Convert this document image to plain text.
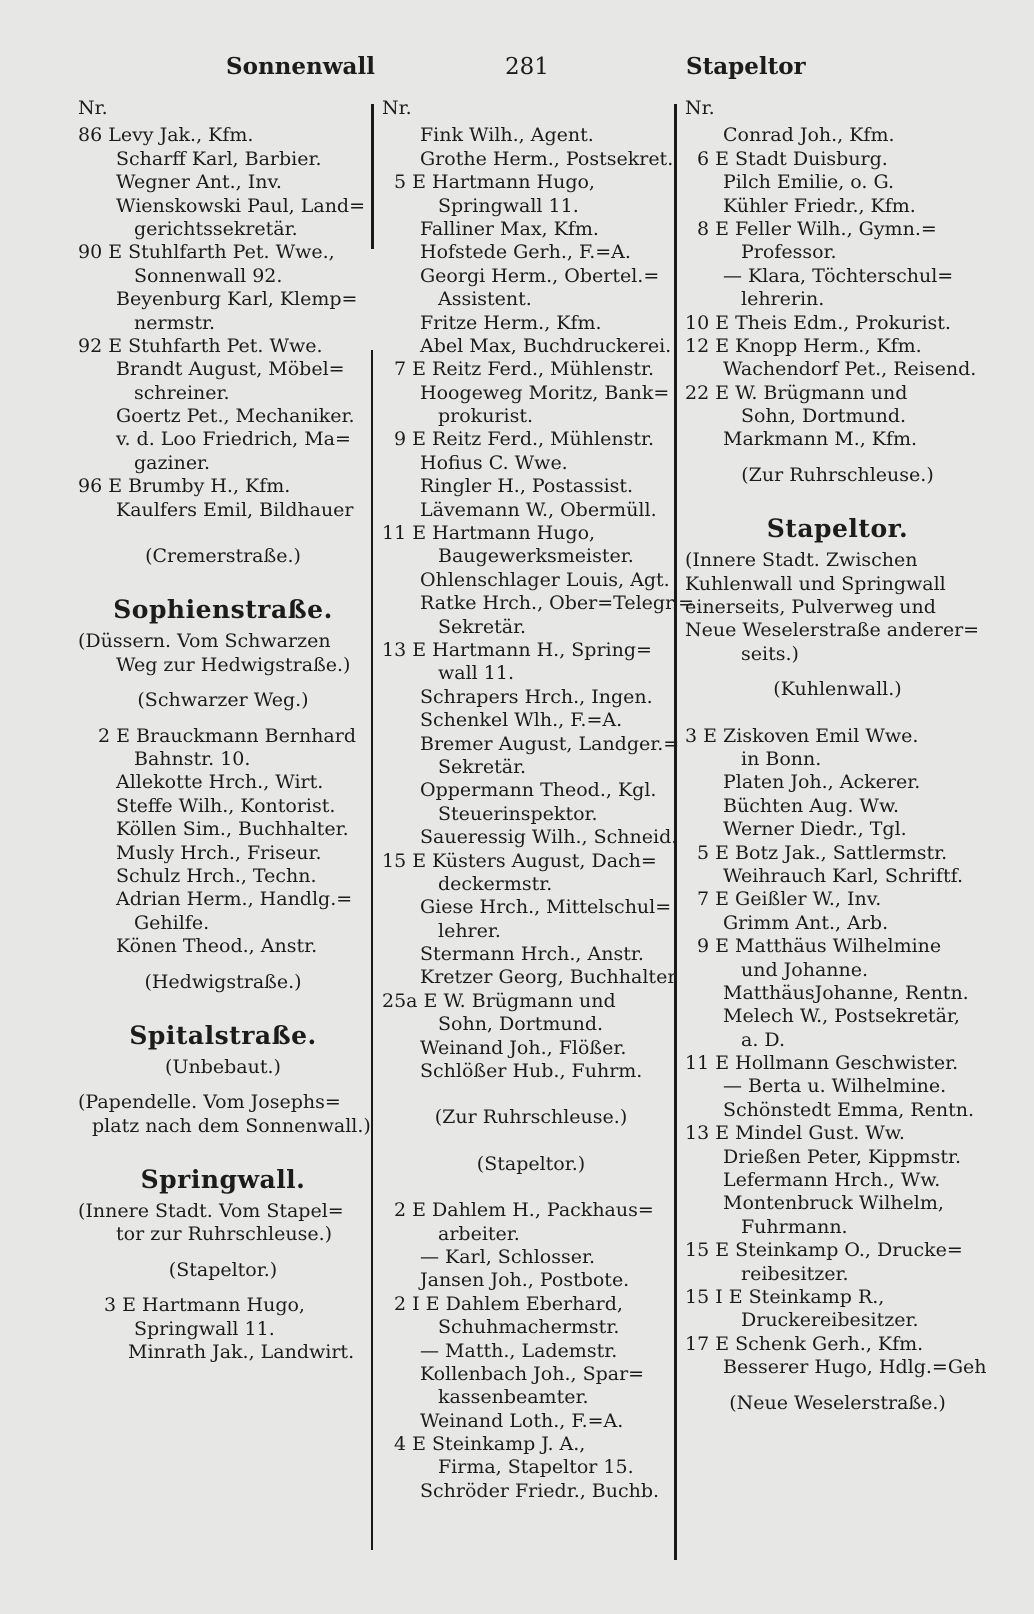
Sonnenwall	281	Stapeltor
Nr.
86 Levy Jak., Kfm.
Scharff Karl, Barbier.
Wegner Ant., Inv.
Wienskowski Paul, Land=
gerichtssekretär.
90 E Stuhlfarth Pet. Wwe.,
Sonnenwall 92.
Beyenburg Karl, Klemp=
nermstr.
92 E Stuhfarth Pet. Wwe.
Brandt August, Möbel=
schreiner.
Goertz Pet., Mechaniker.
v. d. Loo Friedrich, Ma=
gaziner.
96 E Brumby H., Kfm.
Kaulfers Emil, Bildhauer
(Cremerstraße.)
Sophienstraße.
(Düssern. Vom Schwarzen
Weg zur Hedwigstraße.)
(Schwarzer Weg.)
2 E Brauckmann Bernhard
Bahnstr. 10.
Allekotte Hrch., Wirt.
Steffe Wilh., Kontorist.
Köllen Sim., Buchhalter.
Musly Hrch., Friseur.
Schulz Hrch., Techn.
Adrian Herm., Handlg.=
Gehilfe.
Könen Theod., Anstr.
(Hedwigstraße.)
Spitalstraße.
(Unbebaut.)
(Papendelle. Vom Josephs=
platz nach dem Sonnenwall.)
Springwall.
(Innere Stadt. Vom Stapel=
tor zur Ruhrschleuse.)
(Stapeltor.)
3 E Hartmann Hugo,
Springwall 11.
Minrath Jak., Landwirt.
Nr.
Fink Wilh., Agent.
Grothe Herm., Postsekret.
5 E Hartmann Hugo,
Springwall 11.
Falliner Max, Kfm.
Hofstede Gerh., F.=A.
Georgi Herm., Obertel.=
Assistent.
Fritze Herm., Kfm.
Abel Max, Buchdruckerei.
7 E Reitz Ferd., Mühlenstr.
Hoogeweg Moritz, Bank=
prokurist.
9 E Reitz Ferd., Mühlenstr.
Hofius C. Wwe.
Ringler H., Postassist.
Lävemann W., Obermüll.
11 E Hartmann Hugo,
Baugewerksmeister.
Ohlenschlager Louis, Agt.
Ratke Hrch., Ober=Telegr.=
Sekretär.
13 E Hartmann H., Spring=
wall 11.
Schrapers Hrch., Ingen.
Schenkel Wlh., F.=A.
Bremer August, Landger.=
Sekretär.
Oppermann Theod., Kgl.
Steuerinspektor.
Saueressig Wilh., Schneid.
15 E Küsters August, Dach=
deckermstr.
Giese Hrch., Mittelschul=
lehrer.
Stermann Hrch., Anstr.
Kretzer Georg, Buchhalter
25a E W. Brügmann und
Sohn, Dortmund.
Weinand Joh., Flößer.
Schlößer Hub., Fuhrm.
(Zur Ruhrschleuse.)
(Stapeltor.)
2 E Dahlem H., Packhaus=
arbeiter.
— Karl, Schlosser.
Jansen Joh., Postbote.
2 I E Dahlem Eberhard,
Schuhmachermstr.
— Matth., Lademstr.
Kollenbach Joh., Spar=
kassenbeamter.
Weinand Loth., F.=A.
4 E Steinkamp J. A.,
Firma, Stapeltor 15.
Schröder Friedr., Buchb.
Nr.
Conrad Joh., Kfm.
6 E Stadt Duisburg.
Pilch Emilie, o. G.
Kühler Friedr., Kfm.
8 E Feller Wilh., Gymn.=
Professor.
— Klara, Töchterschul=
lehrerin.
10 E Theis Edm., Prokurist.
12 E Knopp Herm., Kfm.
Wachendorf Pet., Reisend.
22 E W. Brügmann und
Sohn, Dortmund.
Markmann M., Kfm.
(Zur Ruhrschleuse.)
Stapeltor.
(Innere Stadt. Zwischen
Kuhlenwall und Springwall
einerseits, Pulverweg und
Neue Weselerstraße anderer=
seits.)
(Kuhlenwall.)
3 E Ziskoven Emil Wwe.
in Bonn.
Platen Joh., Ackerer.
Büchten Aug. Ww.
Werner Diedr., Tgl.
5 E Botz Jak., Sattlermstr.
Weihrauch Karl, Schriftf.
7 E Geißler W., Inv.
Grimm Ant., Arb.
9 E Matthäus Wilhelmine
und Johanne.
MatthäusJohanne, Rentn.
Melech W., Postsekretär,
a. D.
11 E Hollmann Geschwister.
— Berta u. Wilhelmine.
Schönstedt Emma, Rentn.
13 E Mindel Gust. Ww.
Drießen Peter, Kippmstr.
Lefermann Hrch., Ww.
Montenbruck Wilhelm,
Fuhrmann.
15 E Steinkamp O., Drucke=
reibesitzer.
15 I E Steinkamp R.,
Druckereibesitzer.
17 E Schenk Gerh., Kfm.
Besserer Hugo, Hdlg.=Geh
(Neue Weselerstraße.)
